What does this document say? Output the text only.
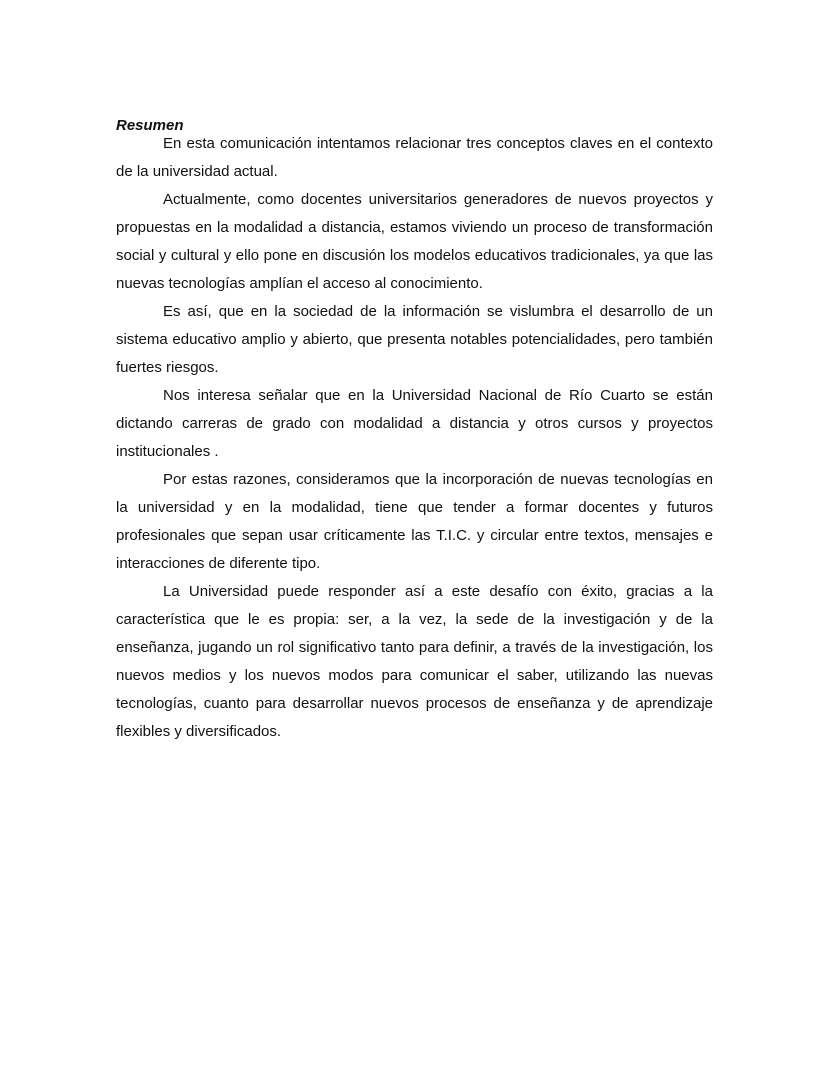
Resumen

En esta comunicación intentamos relacionar tres conceptos claves en el contexto de la universidad actual.

Actualmente, como docentes universitarios generadores de nuevos proyectos y propuestas en la modalidad a distancia, estamos viviendo un proceso de transformación social y cultural y ello pone en discusión los modelos educativos tradicionales, ya que las nuevas tecnologías amplían el acceso al conocimiento.

Es así, que en la sociedad de la información se vislumbra el desarrollo de un sistema educativo amplio y abierto, que presenta notables potencialidades, pero también fuertes riesgos.

Nos interesa señalar que en la Universidad Nacional de Río Cuarto se están dictando carreras de grado con modalidad a distancia y otros cursos y proyectos institucionales .

Por estas razones, consideramos que la incorporación de nuevas tecnologías en la universidad y en la modalidad, tiene que tender a formar docentes y futuros profesionales que sepan usar críticamente las T.I.C. y circular entre textos, mensajes e interacciones de diferente tipo.

La Universidad puede responder así a este desafío con éxito, gracias a la característica que le es propia: ser, a la vez, la sede de la investigación y de la enseñanza, jugando un rol significativo tanto para definir, a través de la investigación, los nuevos medios y los nuevos modos para comunicar el saber, utilizando las nuevas tecnologías, cuanto para desarrollar nuevos procesos de enseñanza y de aprendizaje flexibles y diversificados.
